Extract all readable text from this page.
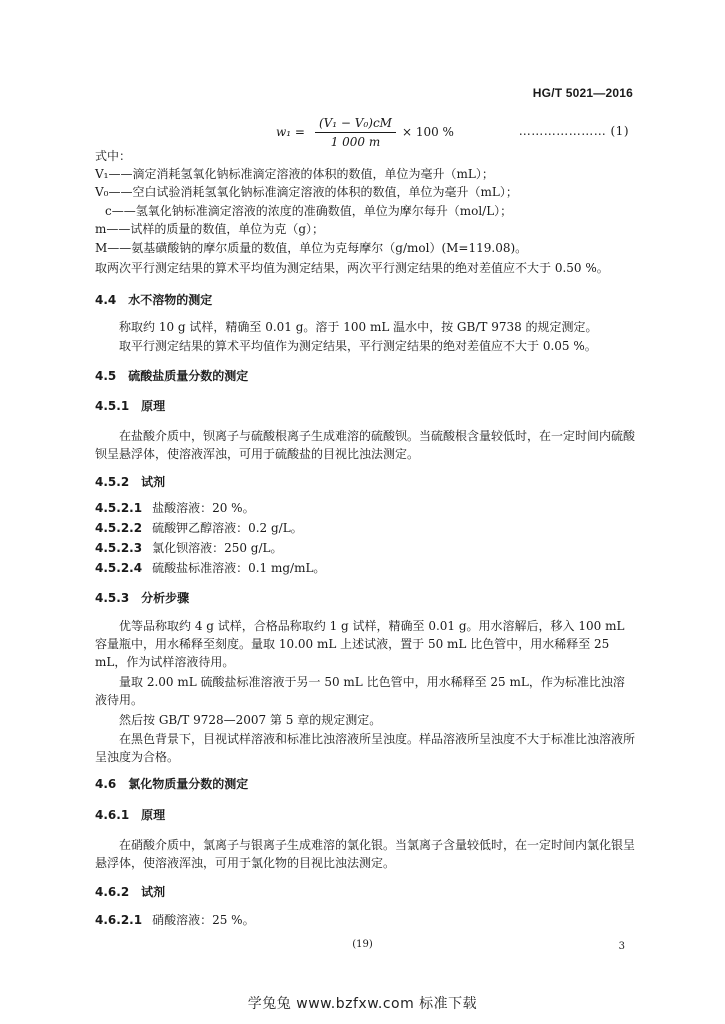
HG/T 5021—2016
$w_1 = \frac{\text{(V₁ − V₀)cM}}{1 000 m} \times 100$ %	………………… (1)
式中：
V₁——滴定消耗氢氧化钠标准滴定溶液的体积的数值，单位为毫升（mL）；
V₀——空白试验消耗氢氧化钠标准滴定溶液的体积的数值，单位为毫升（mL）；
c——氢氧化钠标准滴定溶液的浓度的准确数值，单位为摩尔每升（mol/L）；
m——试样的质量的数值，单位为克（g）；
M——氨基磺酸钠的摩尔质量的数值，单位为克每摩尔（g/mol）(M=119.08)。
取两次平行测定结果的算术平均值为测定结果，两次平行测定结果的绝对差值应不大于 0.50 %。
4.4 水不溶物的测定
称取约 10 g 试样，精确至 0.01 g。溶于 100 mL 温水中，按 GB/T 9738 的规定测定。
取平行测定结果的算术平均值作为测定结果，平行测定结果的绝对差值应不大于 0.05 %。
4.5 硫酸盐质量分数的测定
4.5.1 原理
在盐酸介质中，钡离子与硫酸根离子生成难溶的硫酸钡。当硫酸根含量较低时，在一定时间内硫酸钡呈悬浮体，使溶液浑浊，可用于硫酸盐的目视比浊法测定。
4.5.2 试剂
4.5.2.1 盐酸溶液：20 %。
4.5.2.2 硫酸钾乙醇溶液：0.2 g/L。
4.5.2.3 氯化钡溶液：250 g/L。
4.5.2.4 硫酸盐标准溶液：0.1 mg/mL。
4.5.3 分析步骤
优等品称取约 4 g 试样，合格品称取约 1 g 试样，精确至 0.01 g。用水溶解后，移入 100 mL 容量瓶中，用水稀释至刻度。量取 10.00 mL 上述试液，置于 50 mL 比色管中，用水稀释至 25 mL，作为试样溶液待用。
量取 2.00 mL 硫酸盐标准溶液于另一 50 mL 比色管中，用水稀释至 25 mL，作为标准比浊溶液待用。
然后按 GB/T 9728—2007 第 5 章的规定测定。
在黑色背景下，目视试样溶液和标准比浊溶液所呈浊度。样品溶液所呈浊度不大于标准比浊溶液所呈浊度为合格。
4.6 氯化物质量分数的测定
4.6.1 原理
在硝酸介质中，氯离子与银离子生成难溶的氯化银。当氯离子含量较低时，在一定时间内氯化银呈悬浮体，使溶液浑浊，可用于氯化物的目视比浊法测定。
4.6.2 试剂
4.6.2.1 硝酸溶液：25 %。
(19)	3
学兔兔 www.bzfxw.com 标准下载
